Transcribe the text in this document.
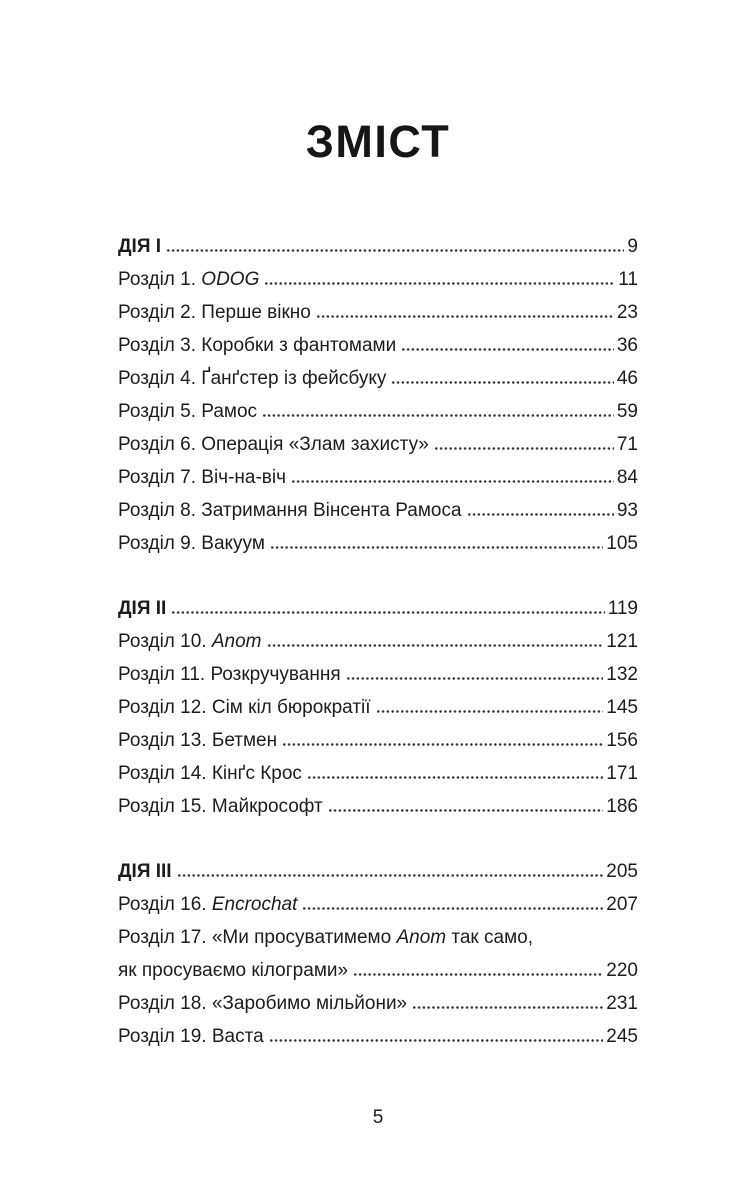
ЗМІСТ
ДІЯ I	9
Розділ 1. ODOG	11
Розділ 2. Перше вікно	23
Розділ 3. Коробки з фантомами	36
Розділ 4. Ґанґстер із фейсбуку	46
Розділ 5. Рамос	59
Розділ 6. Операція «Злам захисту»	71
Розділ 7. Віч-на-віч	84
Розділ 8. Затримання Вінсента Рамоса	93
Розділ 9. Вакуум	105
ДІЯ II	119
Розділ 10. Anom	121
Розділ 11. Розкручування	132
Розділ 12. Сім кіл бюрократії	145
Розділ 13. Бетмен	156
Розділ 14. Кінґс Крос	171
Розділ 15. Майкрософт	186
ДІЯ III	205
Розділ 16. Encrochat	207
Розділ 17. «Ми просуватимемо Anom так само,
як просуваємо кілограми»	220
Розділ 18. «Заробимо мільйони»	231
Розділ 19. Васта	245
5
